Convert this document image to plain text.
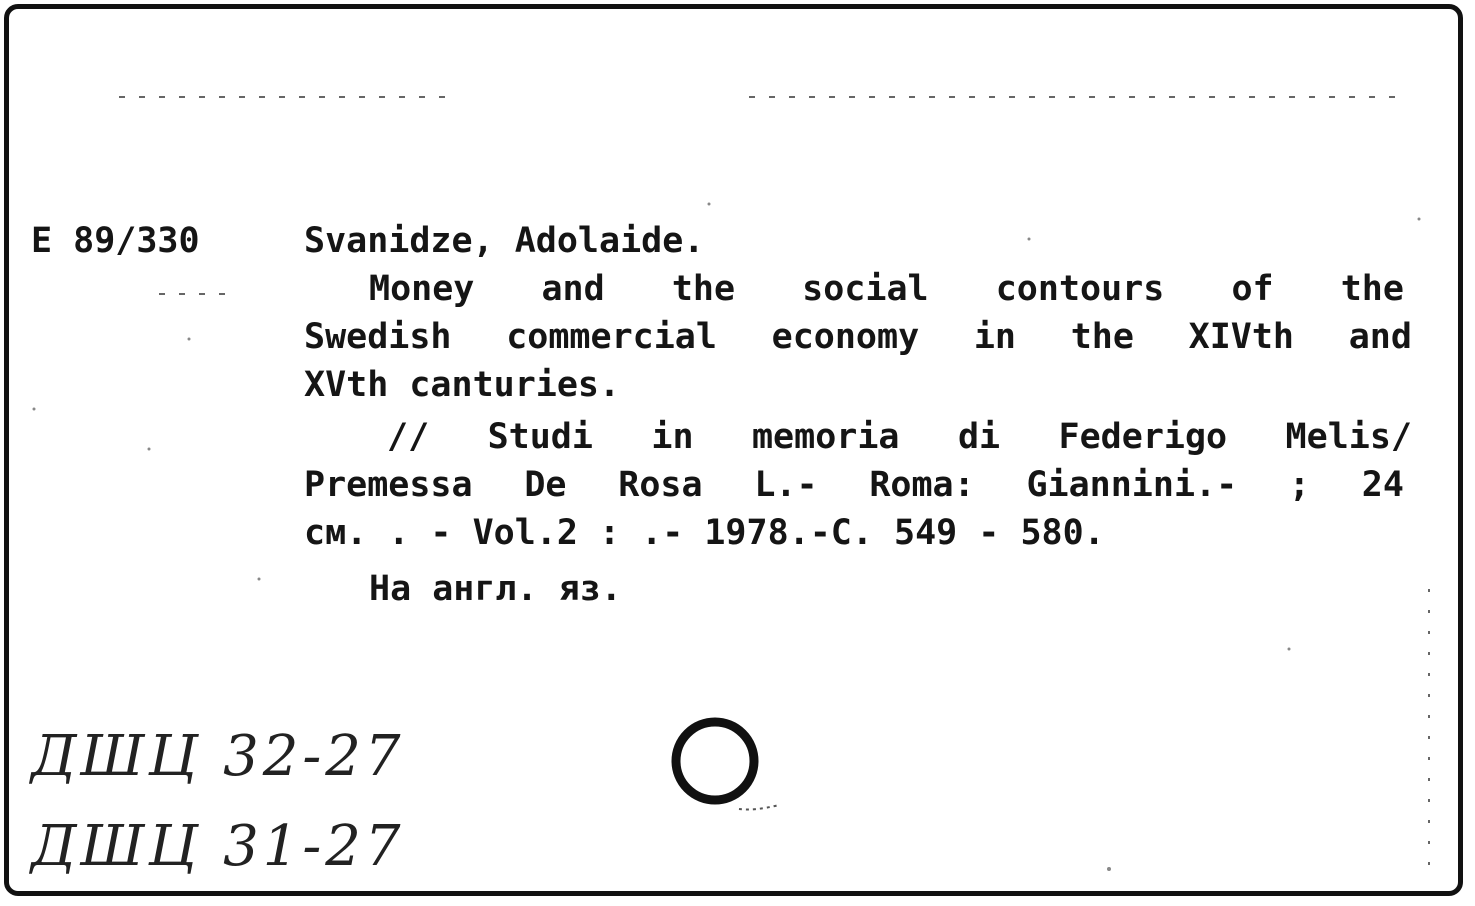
E 89/330	Svanidze, Adolaide.
Money and the social contours of the
Swedish commercial economy in the XIVth and
XVth canturies.
// Studi in memoria di Federigo Melis/
Premessa De Rosa L.- Roma: Giannini.- ; 24
cм. . - Vol.2 : .- 1978.-C. 549 - 580.
На англ. яз.
ДШЦ 32-27
ДШЦ 31-27
